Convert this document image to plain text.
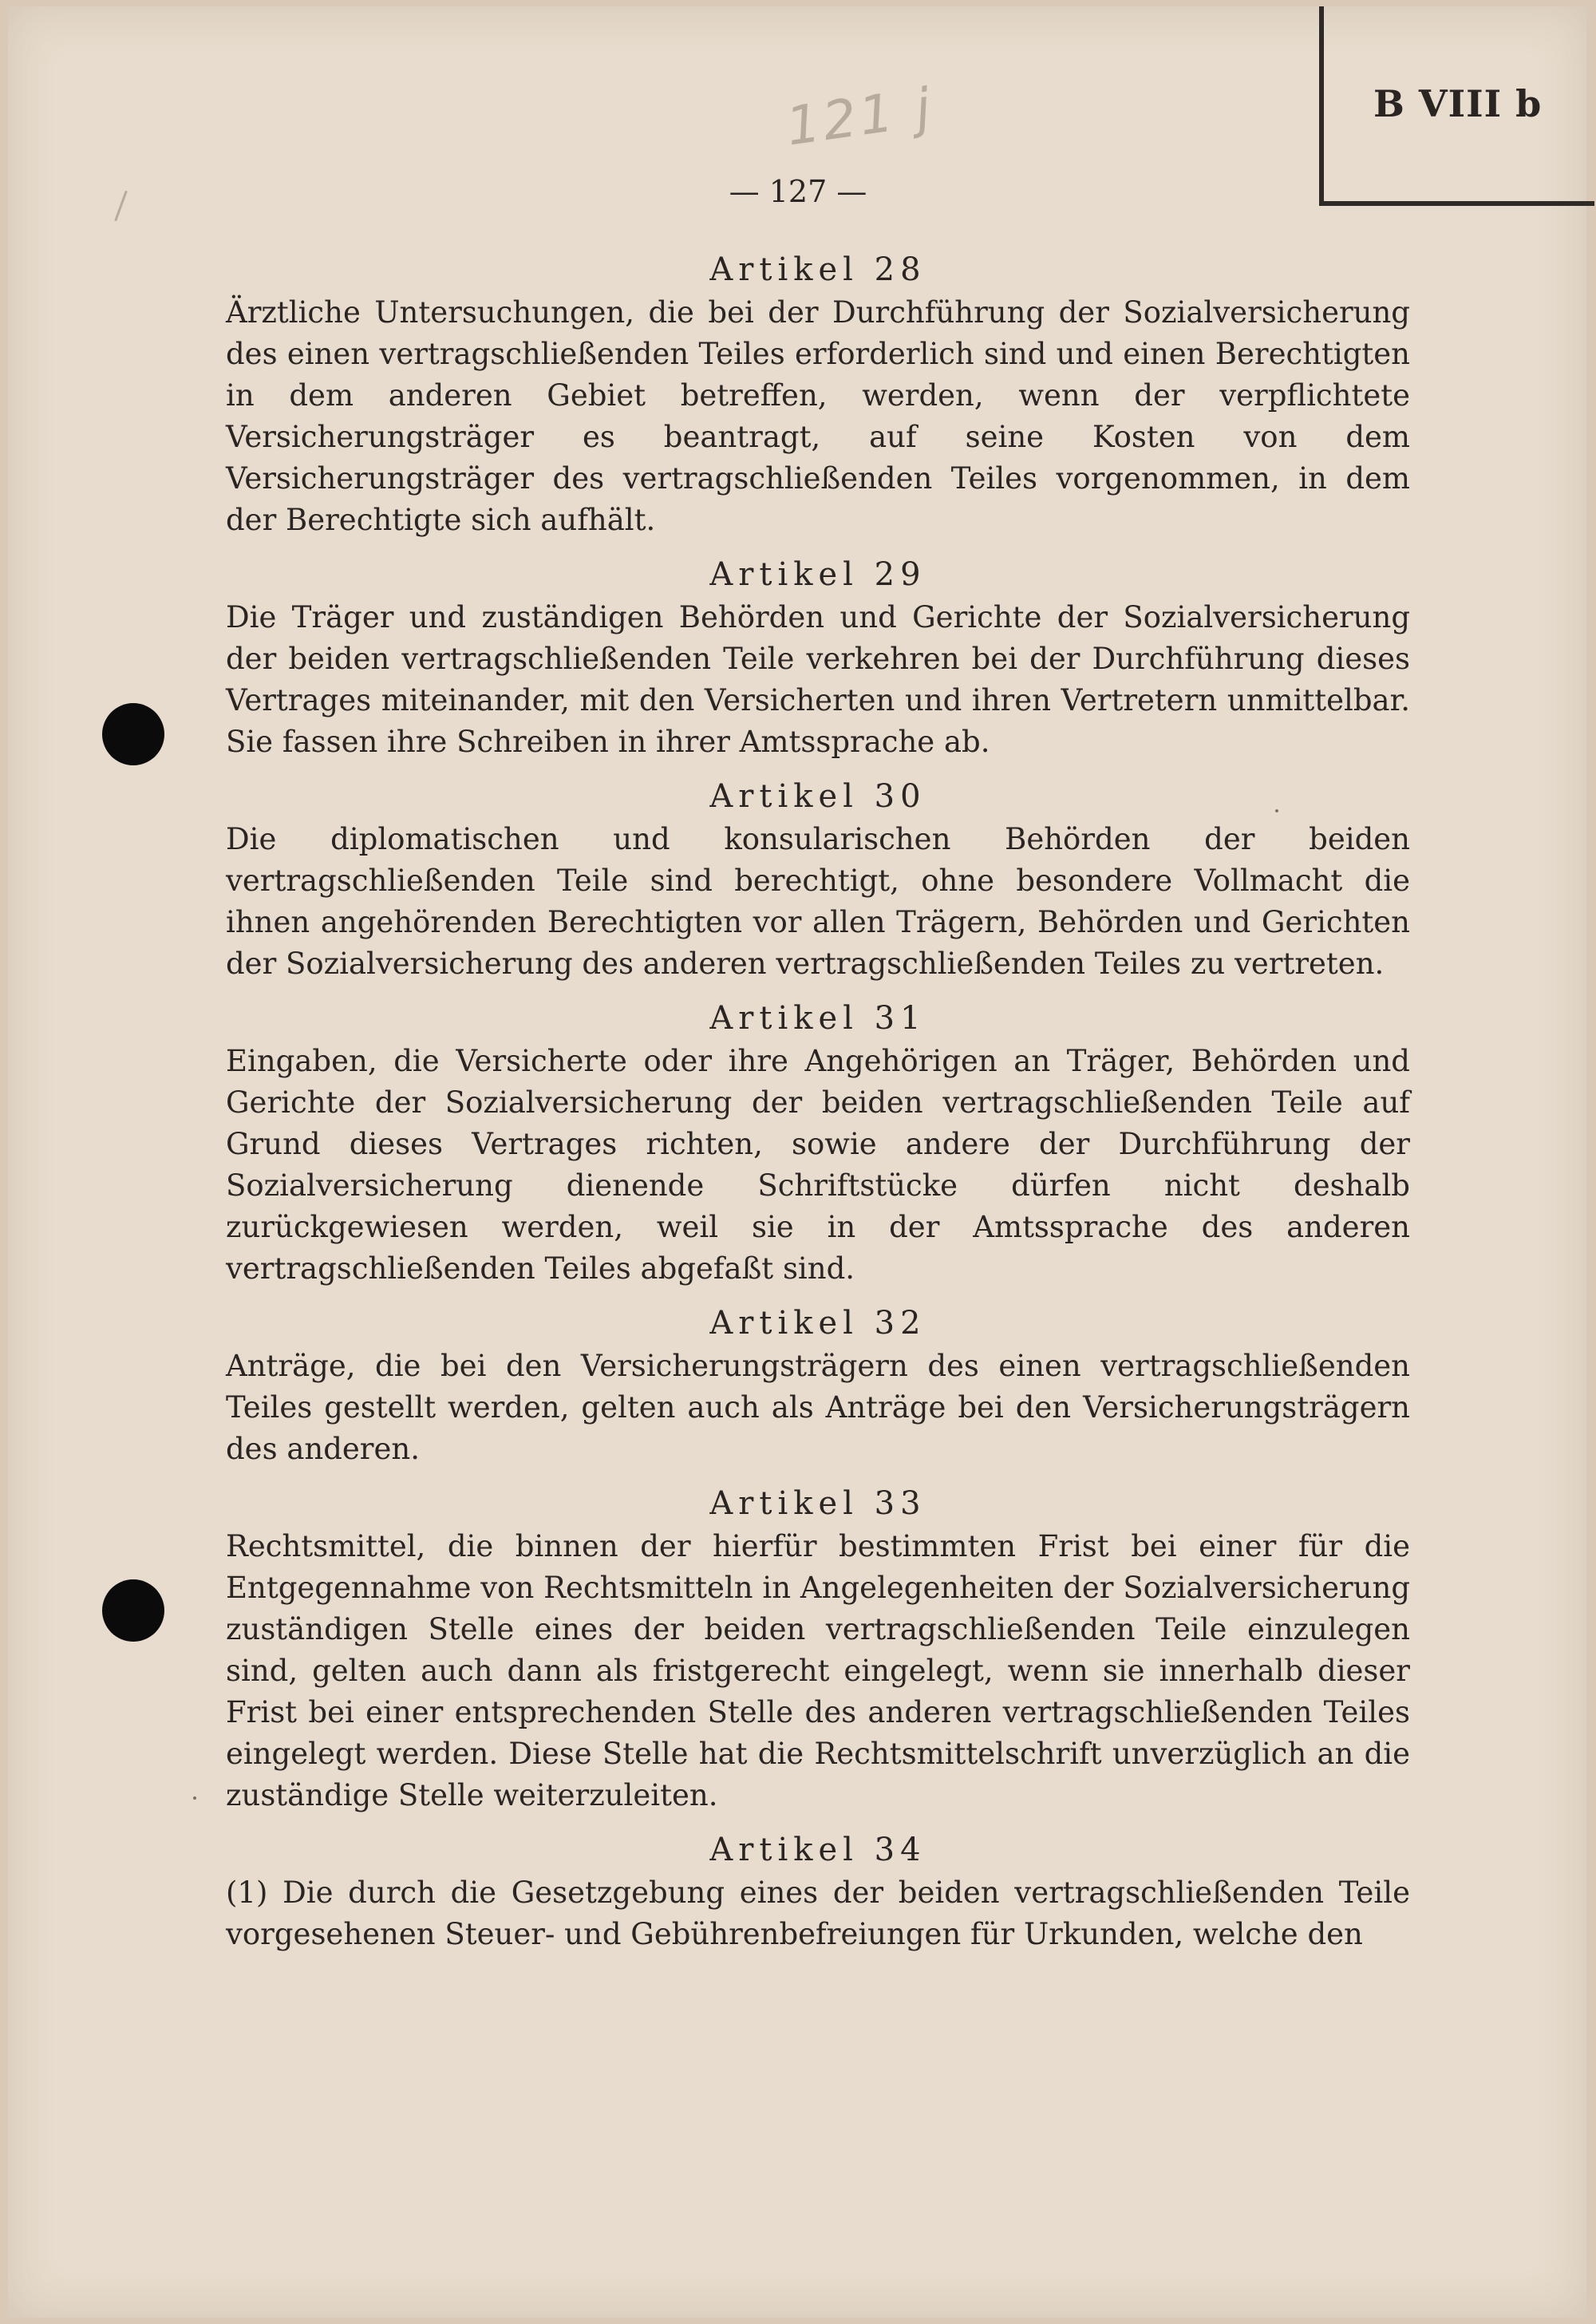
B VIII b
121 j
— 127 —
Artikel 28

Ärztliche Untersuchungen, die bei der Durchführung der Sozialversicherung des einen vertragschließenden Teiles erforderlich sind und einen Berechtigten in dem anderen Gebiet betreffen, werden, wenn der verpflichtete Versicherungsträger es beantragt, auf seine Kosten von dem Versicherungsträger des vertragschließenden Teiles vorgenommen, in dem der Berechtigte sich aufhält.

Artikel 29

Die Träger und zuständigen Behörden und Gerichte der Sozialversicherung der beiden vertragschließenden Teile verkehren bei der Durchführung dieses Vertrages miteinander, mit den Versicherten und ihren Vertretern unmittelbar. Sie fassen ihre Schreiben in ihrer Amtssprache ab.

Artikel 30

Die diplomatischen und konsularischen Behörden der beiden vertragschließenden Teile sind berechtigt, ohne besondere Vollmacht die ihnen angehörenden Berechtigten vor allen Trägern, Behörden und Gerichten der Sozialversicherung des anderen vertragschließenden Teiles zu vertreten.

Artikel 31

Eingaben, die Versicherte oder ihre Angehörigen an Träger, Behörden und Gerichte der Sozialversicherung der beiden vertragschließenden Teile auf Grund dieses Vertrages richten, sowie andere der Durchführung der Sozialversicherung dienende Schriftstücke dürfen nicht deshalb zurückgewiesen werden, weil sie in der Amtssprache des anderen vertragschließenden Teiles abgefaßt sind.

Artikel 32

Anträge, die bei den Versicherungsträgern des einen vertragschließenden Teiles gestellt werden, gelten auch als Anträge bei den Versicherungsträgern des anderen.

Artikel 33

Rechtsmittel, die binnen der hierfür bestimmten Frist bei einer für die Entgegennahme von Rechtsmitteln in Angelegenheiten der Sozialversicherung zuständigen Stelle eines der beiden vertragschließenden Teile einzulegen sind, gelten auch dann als fristgerecht eingelegt, wenn sie innerhalb dieser Frist bei einer entsprechenden Stelle des anderen vertragschließenden Teiles eingelegt werden. Diese Stelle hat die Rechtsmittelschrift unverzüglich an die zuständige Stelle weiterzuleiten.

Artikel 34

(1) Die durch die Gesetzgebung eines der beiden vertragschließenden Teile vorgesehenen Steuer- und Gebührenbefreiungen für Urkunden, welche den
